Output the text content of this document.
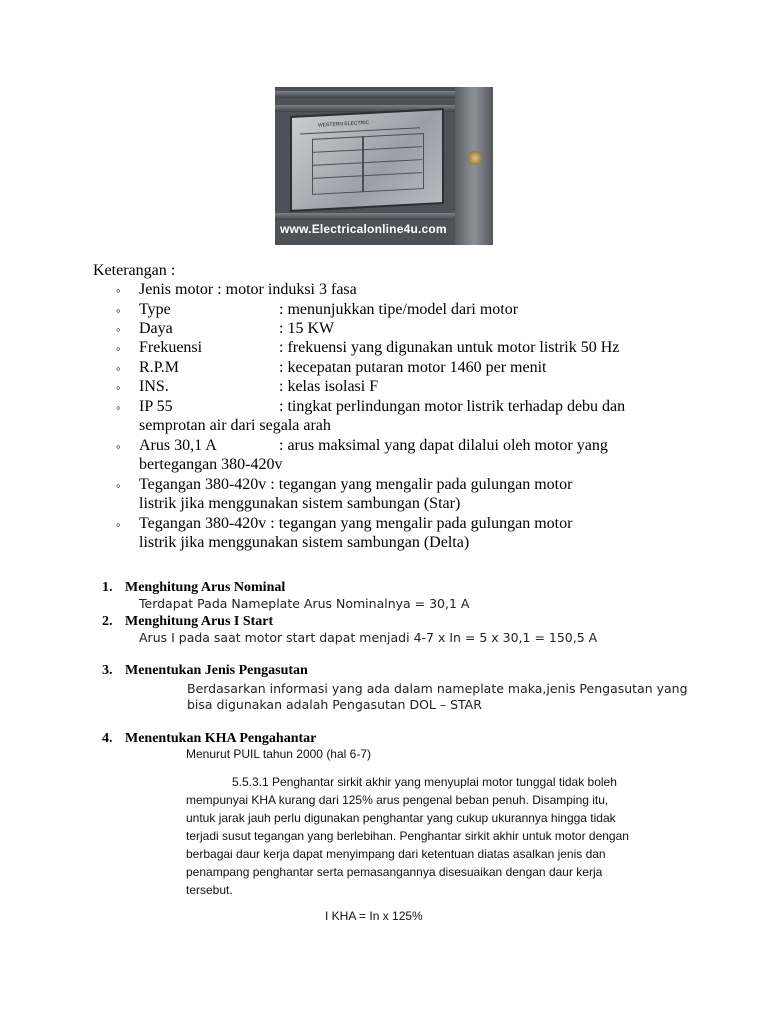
WESTERN ELECTRIC
www.Electricalonline4u.com
Keterangan :
◦ Jenis motor : motor induksi 3 fasa
◦ Type	: menunjukkan tipe/model dari motor
◦ Daya	: 15 KW
◦ Frekuensi	: frekuensi yang digunakan untuk motor listrik 50 Hz
◦ R.P.M	: kecepatan putaran motor 1460 per menit
◦ INS.	: kelas isolasi F
◦ IP 55	: tingkat perlindungan motor listrik terhadap debu dan
semprotan air dari segala arah
◦ Arus 30,1 A	: arus maksimal yang dapat dilalui oleh motor yang
bertegangan 380-420v
◦ Tegangan 380-420v : tegangan yang mengalir pada gulungan motor
listrik jika menggunakan sistem sambungan (Star)
◦ Tegangan 380-420v : tegangan yang mengalir pada gulungan motor
listrik jika menggunakan sistem sambungan (Delta)
1. Menghitung Arus Nominal
Terdapat Pada Nameplate Arus Nominalnya = 30,1 A
2. Menghitung Arus I Start
Arus I pada saat motor start dapat menjadi 4-7 x In = 5 x 30,1 = 150,5 A
3. Menentukan Jenis Pengasutan
Berdasarkan informasi yang ada dalam nameplate maka,jenis Pengasutan yang
bisa digunakan adalah Pengasutan DOL – STAR
4. Menentukan KHA Pengahantar
Menurut PUIL tahun 2000 (hal 6-7)
5.5.3.1 Penghantar sirkit akhir yang menyuplai motor tunggal tidak boleh
mempunyai KHA kurang dari 125% arus pengenal beban penuh. Disamping itu,
untuk jarak jauh perlu digunakan penghantar yang cukup ukurannya hingga tidak
terjadi susut tegangan yang berlebihan. Penghantar sirkit akhir untuk motor dengan
berbagai daur kerja dapat menyimpang dari ketentuan diatas asalkan jenis dan
penampang penghantar serta pemasangannya disesuaikan dengan daur kerja
tersebut.
I KHA = In x 125%
